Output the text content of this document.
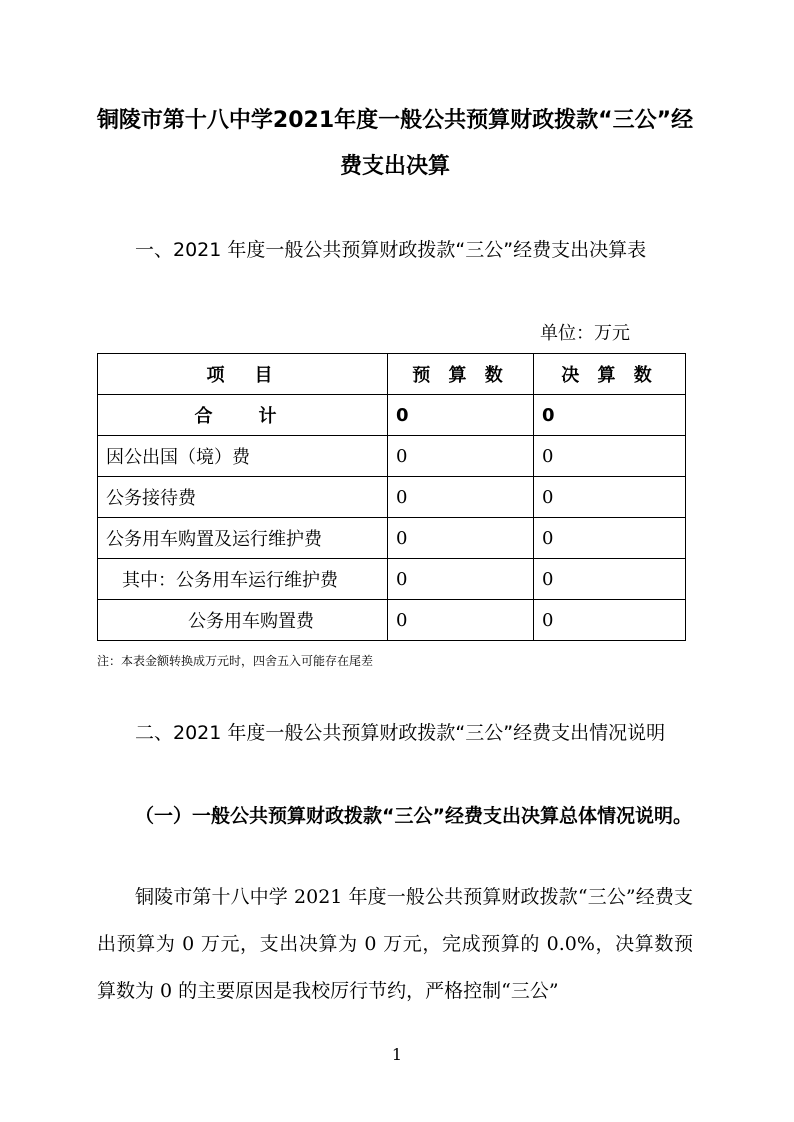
铜陵市第十八中学2021年度一般公共预算财政拨款“三公”经费支出决算
一、2021 年度一般公共预算财政拨款“三公”经费支出决算表
单位：万元
项　目	预 算 数	决 算 数
合　计	0	0
因公出国（境）费	0	0
公务接待费	0	0
公务用车购置及运行维护费	0	0
其中：公务用车运行维护费	0	0
公务用车购置费	0	0
注：本表金额转换成万元时，四舍五入可能存在尾差
二、2021 年度一般公共预算财政拨款“三公”经费支出情况说明
（一）一般公共预算财政拨款“三公”经费支出决算总体情况说明。
铜陵市第十八中学 2021 年度一般公共预算财政拨款“三公”经费支出预算为 0 万元，支出决算为 0 万元，完成预算的 0.0%，决算数预算数为 0 的主要原因是我校厉行节约，严格控制“三公”
1
